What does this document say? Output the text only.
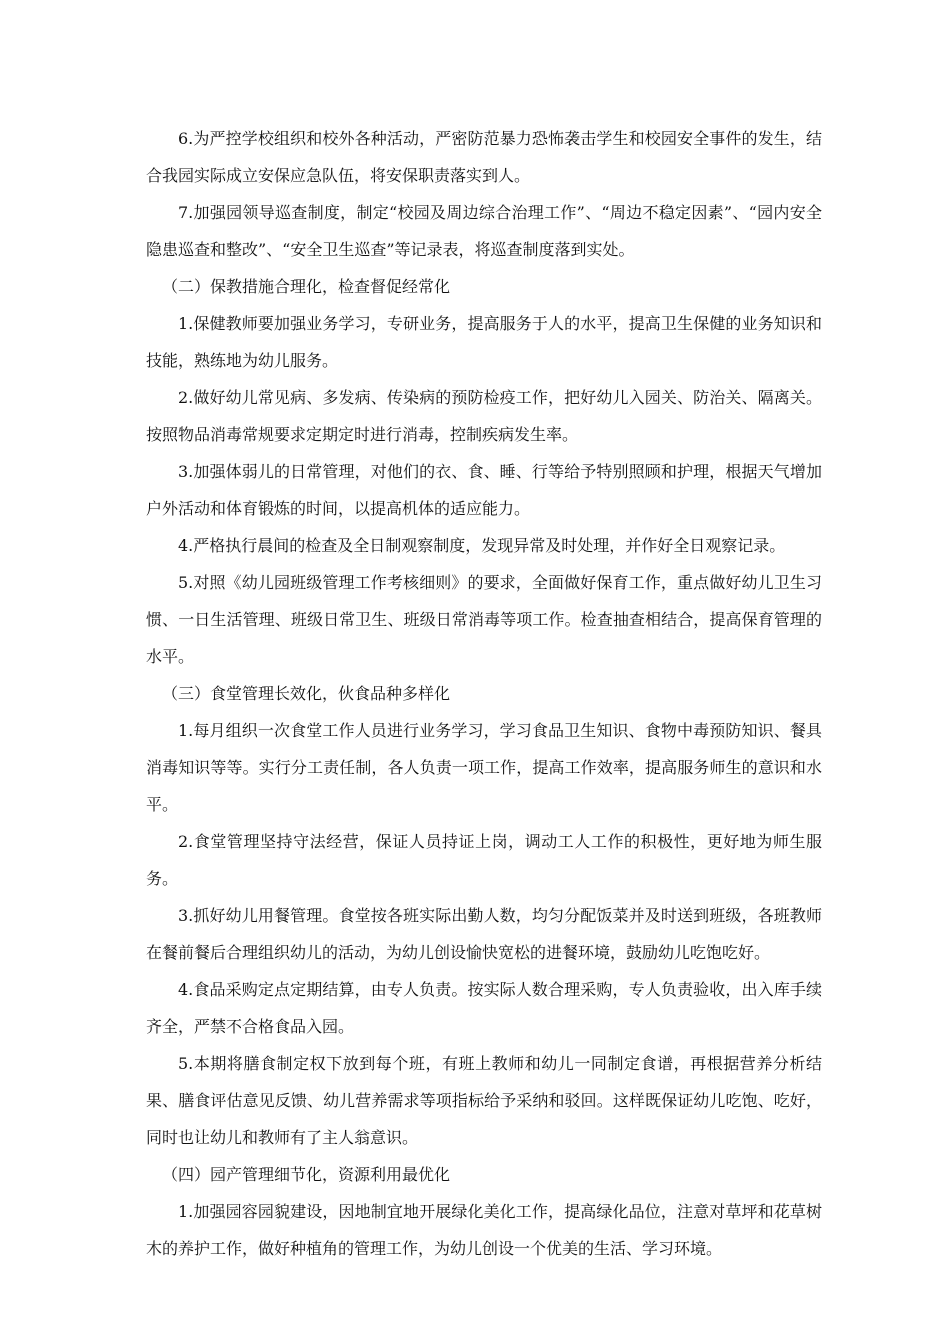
6.为严控学校组织和校外各种活动，严密防范暴力恐怖袭击学生和校园安全事件的发生，结合我园实际成立安保应急队伍，将安保职责落实到人。

7.加强园领导巡查制度，制定“校园及周边综合治理工作”、“周边不稳定因素”、“园内安全隐患巡查和整改”、“安全卫生巡查”等记录表，将巡查制度落到实处。

（二）保教措施合理化，检查督促经常化

1.保健教师要加强业务学习，专研业务，提高服务于人的水平，提高卫生保健的业务知识和技能，熟练地为幼儿服务。

2.做好幼儿常见病、多发病、传染病的预防检疫工作，把好幼儿入园关、防治关、隔离关。按照物品消毒常规要求定期定时进行消毒，控制疾病发生率。

3.加强体弱儿的日常管理，对他们的衣、食、睡、行等给予特别照顾和护理，根据天气增加户外活动和体育锻炼的时间，以提高机体的适应能力。

4.严格执行晨间的检查及全日制观察制度，发现异常及时处理，并作好全日观察记录。

5.对照《幼儿园班级管理工作考核细则》的要求，全面做好保育工作，重点做好幼儿卫生习惯、一日生活管理、班级日常卫生、班级日常消毒等项工作。检查抽查相结合，提高保育管理的水平。

（三）食堂管理长效化，伙食品种多样化

1.每月组织一次食堂工作人员进行业务学习，学习食品卫生知识、食物中毒预防知识、餐具消毒知识等等。实行分工责任制，各人负责一项工作，提高工作效率，提高服务师生的意识和水平。

2.食堂管理坚持守法经营，保证人员持证上岗，调动工人工作的积极性，更好地为师生服务。

3.抓好幼儿用餐管理。食堂按各班实际出勤人数，均匀分配饭菜并及时送到班级，各班教师在餐前餐后合理组织幼儿的活动，为幼儿创设愉快宽松的进餐环境，鼓励幼儿吃饱吃好。

4.食品采购定点定期结算，由专人负责。按实际人数合理采购，专人负责验收，出入库手续齐全，严禁不合格食品入园。

5.本期将膳食制定权下放到每个班，有班上教师和幼儿一同制定食谱，再根据营养分析结果、膳食评估意见反馈、幼儿营养需求等项指标给予采纳和驳回。这样既保证幼儿吃饱、吃好，同时也让幼儿和教师有了主人翁意识。

（四）园产管理细节化，资源利用最优化

1.加强园容园貌建设，因地制宜地开展绿化美化工作，提高绿化品位，注意对草坪和花草树木的养护工作，做好种植角的管理工作，为幼儿创设一个优美的生活、学习环境。
